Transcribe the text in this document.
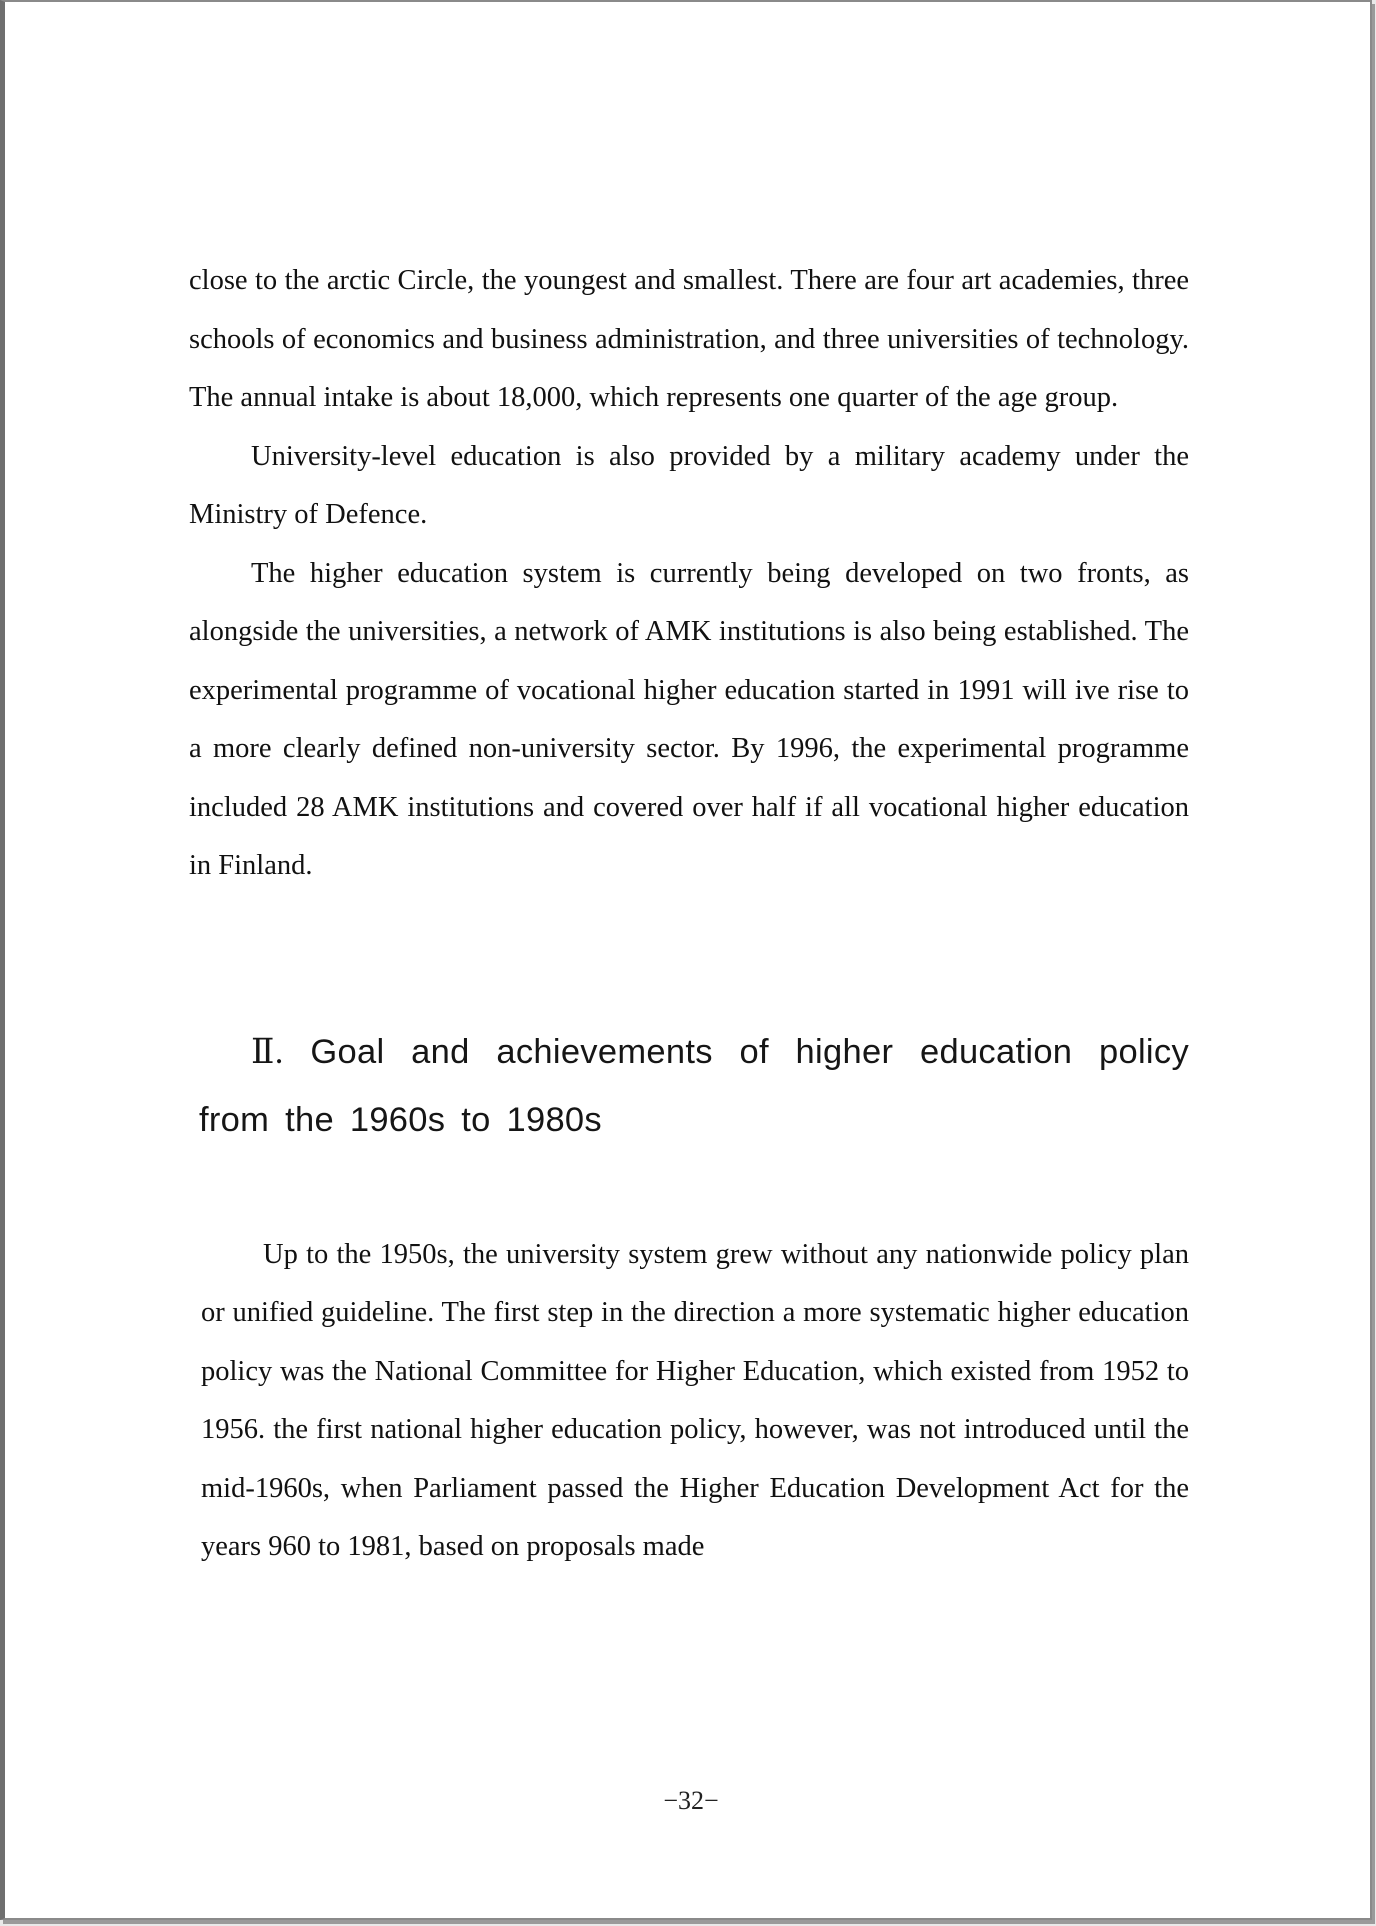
close to the arctic Circle, the youngest and smallest. There are four art academies, three schools of economics and business administration, and three universities of technology. The annual intake is about 18,000, which represents one quarter of the age group.

University-level education is also provided by a military academy under the Ministry of Defence.

The higher education system is currently being developed on two fronts, as alongside the universities, a network of AMK institutions is also being established. The experimental programme of vocational higher education started in 1991 will ive rise to a more clearly defined non-university sector. By 1996, the experimental programme included 28 AMK institutions and covered over half if all vocational higher education in Finland.

Ⅱ. Goal and achievements of higher education policy from the 1960s to 1980s

Up to the 1950s, the university system grew without any nationwide policy plan or unified guideline. The first step in the direction a more systematic higher education policy was the National Committee for Higher Education, which existed from 1952 to 1956. the first national higher education policy, however, was not introduced until the mid-1960s, when Parliament passed the Higher Education Development Act for the years 960 to 1981, based on proposals made

−32−
